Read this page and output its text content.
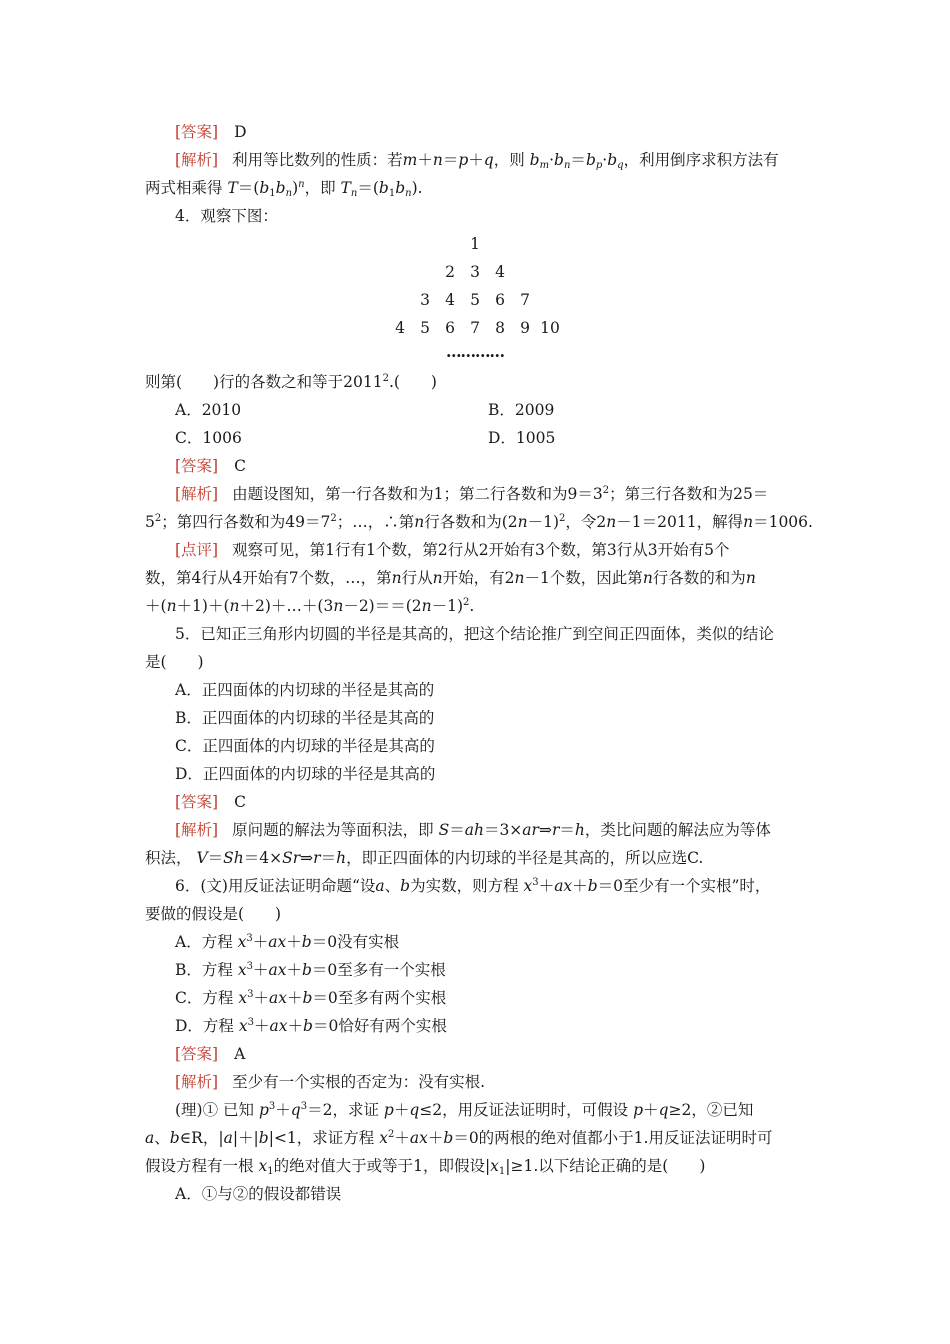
[答案] D
[解析] 利用等比数列的性质：若m＋n＝p＋q，则 $b_m\cdot b_n=b_p\cdot b_q$，利用倒序求积方法有
两式相乘得 $T=(b_1b_n)^n$，即 $T_n=(b_1b_n)$.
4．观察下图：
1
2 3 4
3 4 5 6 7
4 5 6 7 8 9 10
…………
则第(　　)行的各数之和等于2011$^2$.(　　)
A．2010	B．2009
C．1006	D．1005
[答案] C
[解析] 由题设图知，第一行各数和为1；第二行各数和为$9=3^2$；第三行各数和为25＝
$5^2$；第四行各数和为$49=7^2$；…，∴第n行各数和为$(2n-1)^2$，令2n－1＝2011，解得n＝1006.
[点评] 观察可见，第1行有1个数，第2行从2开始有3个数，第3行从3开始有5个
数，第4行从4开始有7个数，…，第n行从n开始，有2n－1个数，因此第n行各数的和为n
$+(n+1)+(n+2)+\dots+(3n-2)==(2n-1)^2$.
5．已知正三角形内切圆的半径是其高的，把这个结论推广到空间正四面体，类似的结论
是(　　)
A．正四面体的内切球的半径是其高的
B．正四面体的内切球的半径是其高的
C．正四面体的内切球的半径是其高的
D．正四面体的内切球的半径是其高的
[答案] C
[解析] 原问题的解法为等面积法，即 S＝ah＝3×ar⇒r＝h，类比问题的解法应为等体
积法， V＝Sh＝4×Sr⇒r＝h，即正四面体的内切球的半径是其高的，所以应选C.
6．(文)用反证法证明命题“设a、b为实数，则方程 $x^3+ax+b=0$至少有一个实根”时，
要做的假设是(　　)
A．方程 $x^3+ax+b=0$没有实根
B．方程 $x^3+ax+b=0$至多有一个实根
C．方程 $x^3+ax+b=0$至多有两个实根
D．方程 $x^3+ax+b=0$恰好有两个实根
[答案] A
[解析] 至少有一个实根的否定为：没有实根.
(理)① 已知 $p^3+q^3=2$，求证 p＋q≤2，用反证法证明时，可假设 p＋q≥2，②已知
a、b∈R，|a|＋|b|<1，求证方程 $x^2+ax+b=0$的两根的绝对值都小于1.用反证法证明时可
假设方程有一根 $x_1$的绝对值大于或等于1，即假设$|x_1|\ge 1$.以下结论正确的是(　　)
A．①与②的假设都错误
